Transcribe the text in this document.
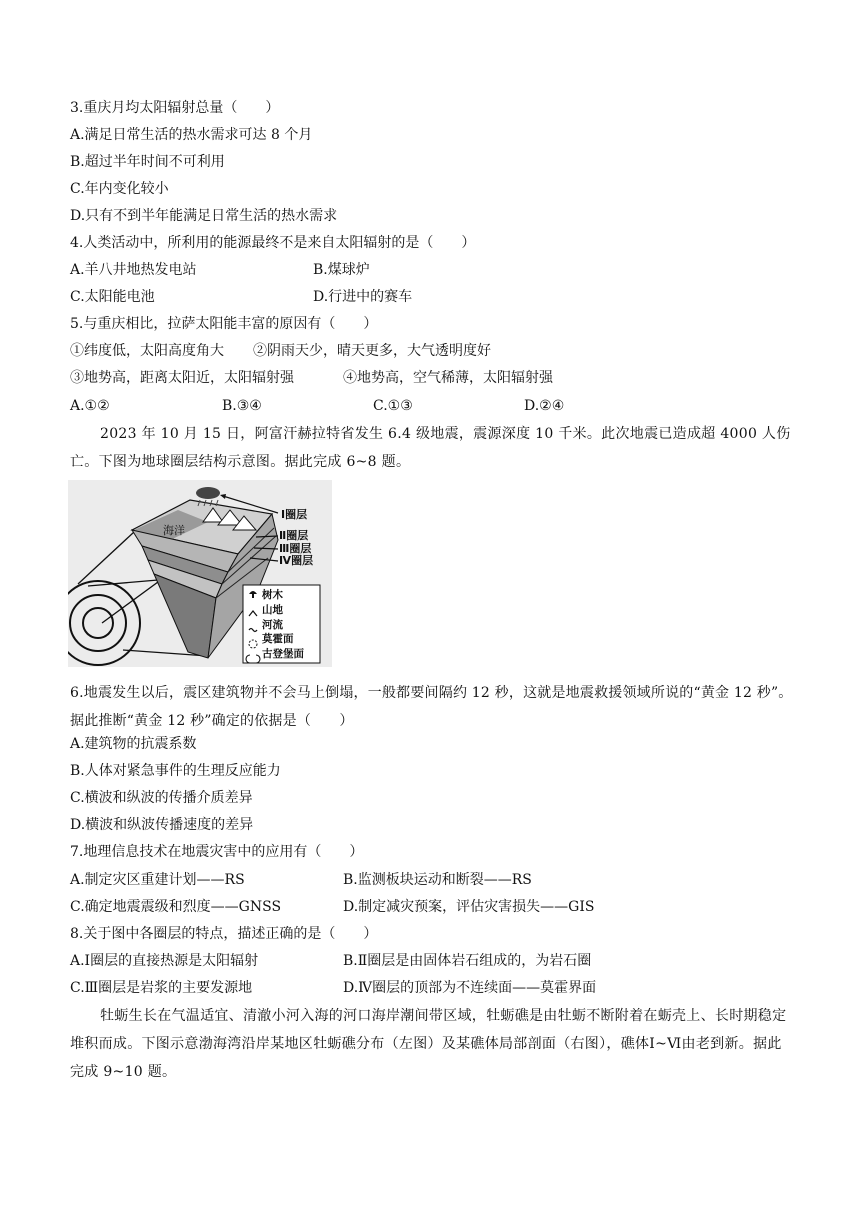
3.重庆月均太阳辐射总量（　　）
A.满足日常生活的热水需求可达 8 个月
B.超过半年时间不可利用
C.年内变化较小
D.只有不到半年能满足日常生活的热水需求
4.人类活动中，所利用的能源最终不是来自太阳辐射的是（　　）
A.羊八井地热发电站	B.煤球炉
C.太阳能电池	D.行进中的赛车
5.与重庆相比，拉萨太阳能丰富的原因有（　　）
①纬度低，太阳高度角大 ②阴雨天少，晴天更多，大气透明度好
③地势高，距离太阳近，太阳辐射强	④地势高，空气稀薄，太阳辐射强
A.①②	B.③④	C.①③	D.②④
2023 年 10 月 15 日，阿富汗赫拉特省发生 6.4 级地震，震源深度 10 千米。此次地震已造成超 4000 人伤亡。下图为地球圈层结构示意图。据此完成 6~8 题。
海洋
Ⅰ圈层
Ⅱ圈层
Ⅲ圈层
Ⅳ圈层
树木
山地
河流
莫霍面
古登堡面
6.地震发生以后，震区建筑物并不会马上倒塌，一般都要间隔约 12 秒，这就是地震救援领域所说的“黄金 12 秒”。据此推断“黄金 12 秒”确定的依据是（　　）
A.建筑物的抗震系数
B.人体对紧急事件的生理反应能力
C.横波和纵波的传播介质差异
D.横波和纵波传播速度的差异
7.地理信息技术在地震灾害中的应用有（　　）
A.制定灾区重建计划——RS	B.监测板块运动和断裂——RS
C.确定地震震级和烈度——GNSS	D.制定减灾预案，评估灾害损失——GIS
8.关于图中各圈层的特点，描述正确的是（　　）
A.Ⅰ圈层的直接热源是太阳辐射	B.Ⅱ圈层是由固体岩石组成的，为岩石圈
C.Ⅲ圈层是岩浆的主要发源地	D.Ⅳ圈层的顶部为不连续面——莫霍界面
牡蛎生长在气温适宜、清澈小河入海的河口海岸潮间带区域，牡蛎礁是由牡蛎不断附着在蛎壳上、长时期稳定堆积而成。下图示意渤海湾沿岸某地区牡蛎礁分布（左图）及某礁体局部剖面（右图），礁体Ⅰ~Ⅵ由老到新。据此完成 9~10 题。
